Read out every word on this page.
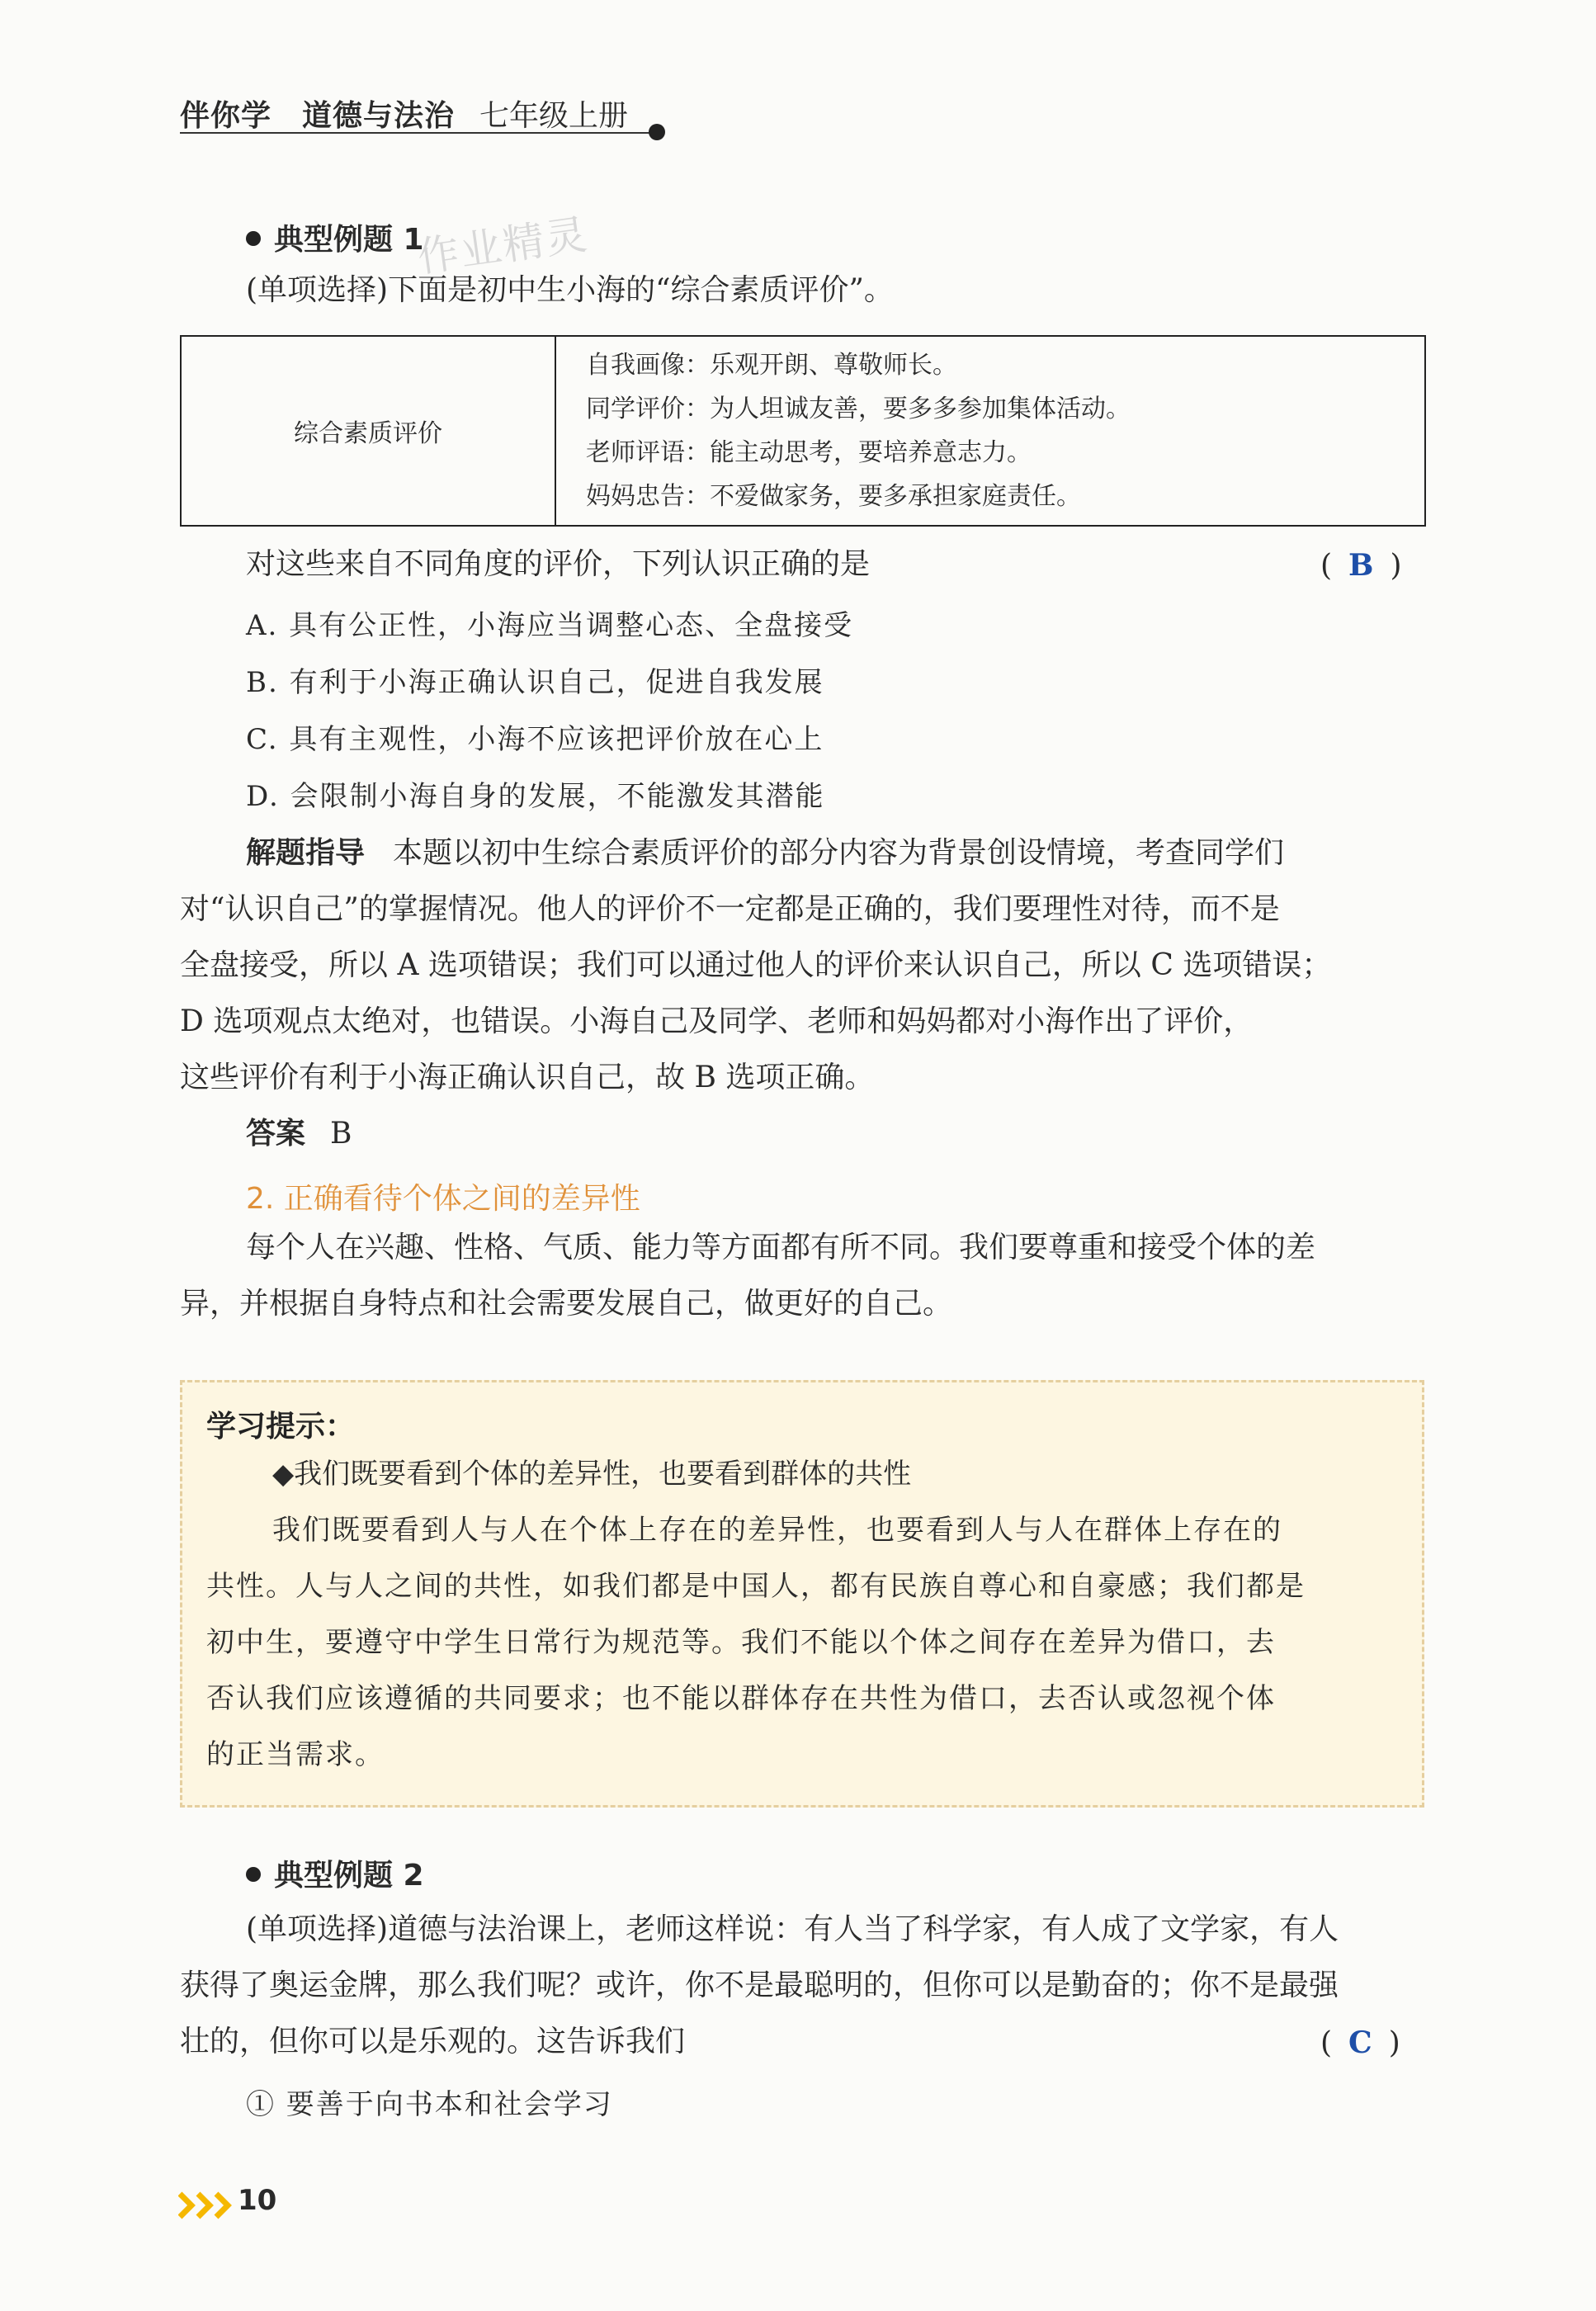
伴你学　道德与法治 七年级上册
作业精灵
典型例题 1
(单项选择)下面是初中生小海的“综合素质评价”。
综合素质评价	
自我画像：乐观开朗、尊敬师长。
同学评价：为人坦诚友善，要多多参加集体活动。
老师评语：能主动思考，要培养意志力。
妈妈忠告：不爱做家务，要多承担家庭责任。
对这些来自不同角度的评价，下列认识正确的是	( B )
A. 具有公正性，小海应当调整心态、全盘接受
B. 有利于小海正确认识自己，促进自我发展
C. 具有主观性，小海不应该把评价放在心上
D. 会限制小海自身的发展，不能激发其潜能
解题指导 本题以初中生综合素质评价的部分内容为背景创设情境，考查同学们
对“认识自己”的掌握情况。他人的评价不一定都是正确的，我们要理性对待，而不是
全盘接受，所以 A 选项错误；我们可以通过他人的评价来认识自己，所以 C 选项错误；
D 选项观点太绝对，也错误。小海自己及同学、老师和妈妈都对小海作出了评价，
这些评价有利于小海正确认识自己，故 B 选项正确。
答案 B
2. 正确看待个体之间的差异性
每个人在兴趣、性格、气质、能力等方面都有所不同。我们要尊重和接受个体的差
异，并根据自身特点和社会需要发展自己，做更好的自己。
学习提示：
◆我们既要看到个体的差异性，也要看到群体的共性
我们既要看到人与人在个体上存在的差异性，也要看到人与人在群体上存在的
共性。人与人之间的共性，如我们都是中国人，都有民族自尊心和自豪感；我们都是
初中生，要遵守中学生日常行为规范等。我们不能以个体之间存在差异为借口，去
否认我们应该遵循的共同要求；也不能以群体存在共性为借口，去否认或忽视个体
的正当需求。
典型例题 2
(单项选择)道德与法治课上，老师这样说：有人当了科学家，有人成了文学家，有人
获得了奥运金牌，那么我们呢？或许，你不是最聪明的，但你可以是勤奋的；你不是最强
壮的，但你可以是乐观的。这告诉我们	( C )
① 要善于向书本和社会学习
10
